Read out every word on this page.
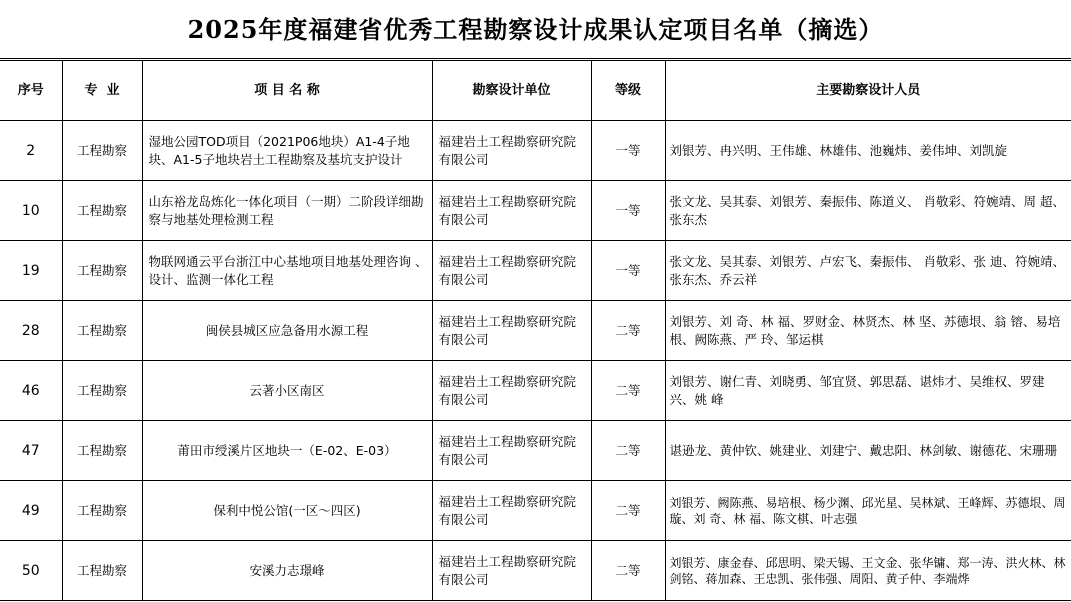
2025年度福建省优秀工程勘察设计成果认定项目名单（摘选）
序号	专  业	项 目 名 称	勘察设计单位	等级	主要勘察设计人员
2	工程勘察	湿地公园TOD项目（2021P06地块）A1-4子地块、A1-5子地块岩土工程勘察及基坑支护设计	福建岩土工程勘察研究院有限公司	一等	刘银芳、冉兴明、王伟雄、林雄伟、池巍炜、姜伟坤、刘凯旋
10	工程勘察	山东裕龙岛炼化一体化项目（一期）二阶段详细勘察与地基处理检测工程	福建岩土工程勘察研究院有限公司	一等	张文龙、吴其泰、刘银芳、秦振伟、陈道义、 肖敬彩、符婉靖、周 超、张东杰
19	工程勘察	物联网通云平台浙江中心基地项目地基处理咨询 、设计、监测一体化工程	福建岩土工程勘察研究院有限公司	一等	张文龙、吴其泰、刘银芳、卢宏飞、秦振伟、 肖敬彩、张 迪、符婉靖、张东杰、乔云祥
28	工程勘察	闽侯县城区应急备用水源工程	福建岩土工程勘察研究院有限公司	二等	刘银芳、刘 奇、林 福、罗财金、林贤杰、林 坚、苏德垠、翁 镕、易培根、阙陈燕、严 玲、邹运棋
46	工程勘察	云著小区南区	福建岩土工程勘察研究院有限公司	二等	刘银芳、谢仁青、刘晓勇、邹宜贤、郭思磊、谌炜才、吴维权、罗建兴、姚 峰
47	工程勘察	莆田市绶溪片区地块一（E-02、E-03）	福建岩土工程勘察研究院有限公司	二等	谌逊龙、黄仲钦、姚建业、刘建宁、戴忠阳、林剑敏、谢德花、宋珊珊
49	工程勘察	保利中悦公馆(一区～四区)	福建岩土工程勘察研究院有限公司	二等	刘银芳、阙陈燕、易培根、杨少渊、邱光星、吴林斌、王峰辉、苏德垠、周 璇、刘 奇、林 福、陈文棋、叶志强
50	工程勘察	安溪力志璟峰	福建岩土工程勘察研究院有限公司	二等	刘银芳、康金春、邱思明、梁天锡、王文金、张华镛、郑一涛、洪火林、林剑铭、蒋加森、王忠凯、张伟强、周阳、黄子仲、李端烨
